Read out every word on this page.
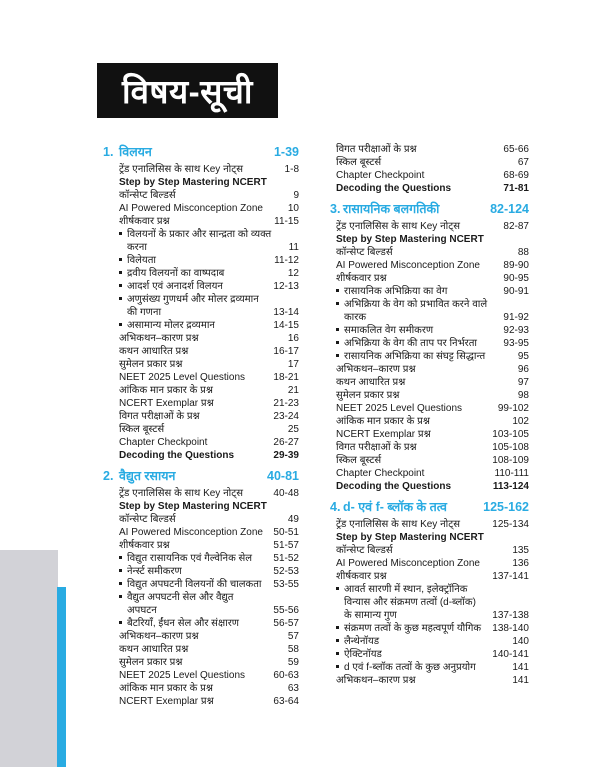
विषय-सूची
1. विलयन	1-39
ट्रेंड एनालिसिस के साथ Key नोट्स	1-8
Step by Step Mastering NCERT
कॉन्सेप्ट बिल्डर्स	9
AI Powered Misconception Zone	10
शीर्षकवार प्रश्न	11-15
विलयनों के प्रकार और सान्द्रता को व्यक्त करना	11
विलेयता	11-12
द्रवीय विलयनों का वाष्पदाब	12
आदर्श एवं अनादर्श विलयन	12-13
अणुसंख्य गुणधर्म और मोलर द्रव्यमान की गणना	13-14
असामान्य मोलर द्रव्यमान	14-15
अभिकथन–कारण प्रश्न	16
कथन आधारित प्रश्न	16-17
सुमेलन प्रकार प्रश्न	17
NEET 2025 Level Questions	18-21
आंकिक मान प्रकार के प्रश्न	21
NCERT Exemplar प्रश्न	21-23
विगत परीक्षाओं के प्रश्न	23-24
स्किल बूस्टर्स	25
Chapter Checkpoint	26-27
Decoding the Questions	29-39
2. वैद्युत रसायन	40-81
ट्रेंड एनालिसिस के साथ Key नोट्स	40-48
Step by Step Mastering NCERT
कॉन्सेप्ट बिल्डर्स	49
AI Powered Misconception Zone 50-51
शीर्षकवार प्रश्न	51-57
विद्युत रासायनिक एवं गैल्वेनिक सेल	51-52
नेर्न्स्ट समीकरण	52-53
विद्युत अपघटनी विलयनों की चालकता	53-55
वैद्युत अपघटनी सेल और वैद्युत अपघटन	55-56
बैटरियाँ, ईंधन सेल और संक्षारण	56-57
अभिकथन–कारण प्रश्न	57
कथन आधारित प्रश्न	58
सुमेलन प्रकार प्रश्न	59
NEET 2025 Level Questions	60-63
आंकिक मान प्रकार के प्रश्न	63
NCERT Exemplar प्रश्न	63-64
विगत परीक्षाओं के प्रश्न	65-66
स्किल बूस्टर्स	67
Chapter Checkpoint	68-69
Decoding the Questions	71-81
3. रासायनिक बलगतिकी	82-124
ट्रेंड एनालिसिस के साथ Key नोट्स	82-87
Step by Step Mastering NCERT
कॉन्सेप्ट बिल्डर्स	88
AI Powered Misconception Zone	89-90
शीर्षकवार प्रश्न	90-95
रासायनिक अभिक्रिया का वेग	90-91
अभिक्रिया के वेग को प्रभावित करने वाले कारक	91-92
समाकलित वेग समीकरण	92-93
अभिक्रिया के वेग की ताप पर निर्भरता	93-95
रासायनिक अभिक्रिया का संघट्ट सिद्धान्त	95
अभिकथन–कारण प्रश्न	96
कथन आधारित प्रश्न	97
सुमेलन प्रकार प्रश्न	98
NEET 2025 Level Questions	99-102
आंकिक मान प्रकार के प्रश्न	102
NCERT Exemplar प्रश्न	103-105
विगत परीक्षाओं के प्रश्न	105-108
स्किल बूस्टर्स	108-109
Chapter Checkpoint	110-111
Decoding the Questions	113-124
4. d- एवं f- ब्लॉक के तत्व	125-162
ट्रेंड एनालिसिस के साथ Key नोट्स	125-134
Step by Step Mastering NCERT
कॉन्सेप्ट बिल्डर्स	135
AI Powered Misconception Zone	136
शीर्षकवार प्रश्न	137-141
आवर्त सारणी में स्थान, इलेक्ट्रॉनिक विन्यास और संक्रमण तत्वों (d-ब्लॉक) के सामान्य गुण	137-138
संक्रमण तत्वों के कुछ महत्वपूर्ण यौगिक	138-140
लैन्थेनॉयड	140
ऐक्टिनॉयड	140-141
d एवं f-ब्लॉक तत्वों के कुछ अनुप्रयोग	141
अभिकथन–कारण प्रश्न	141
